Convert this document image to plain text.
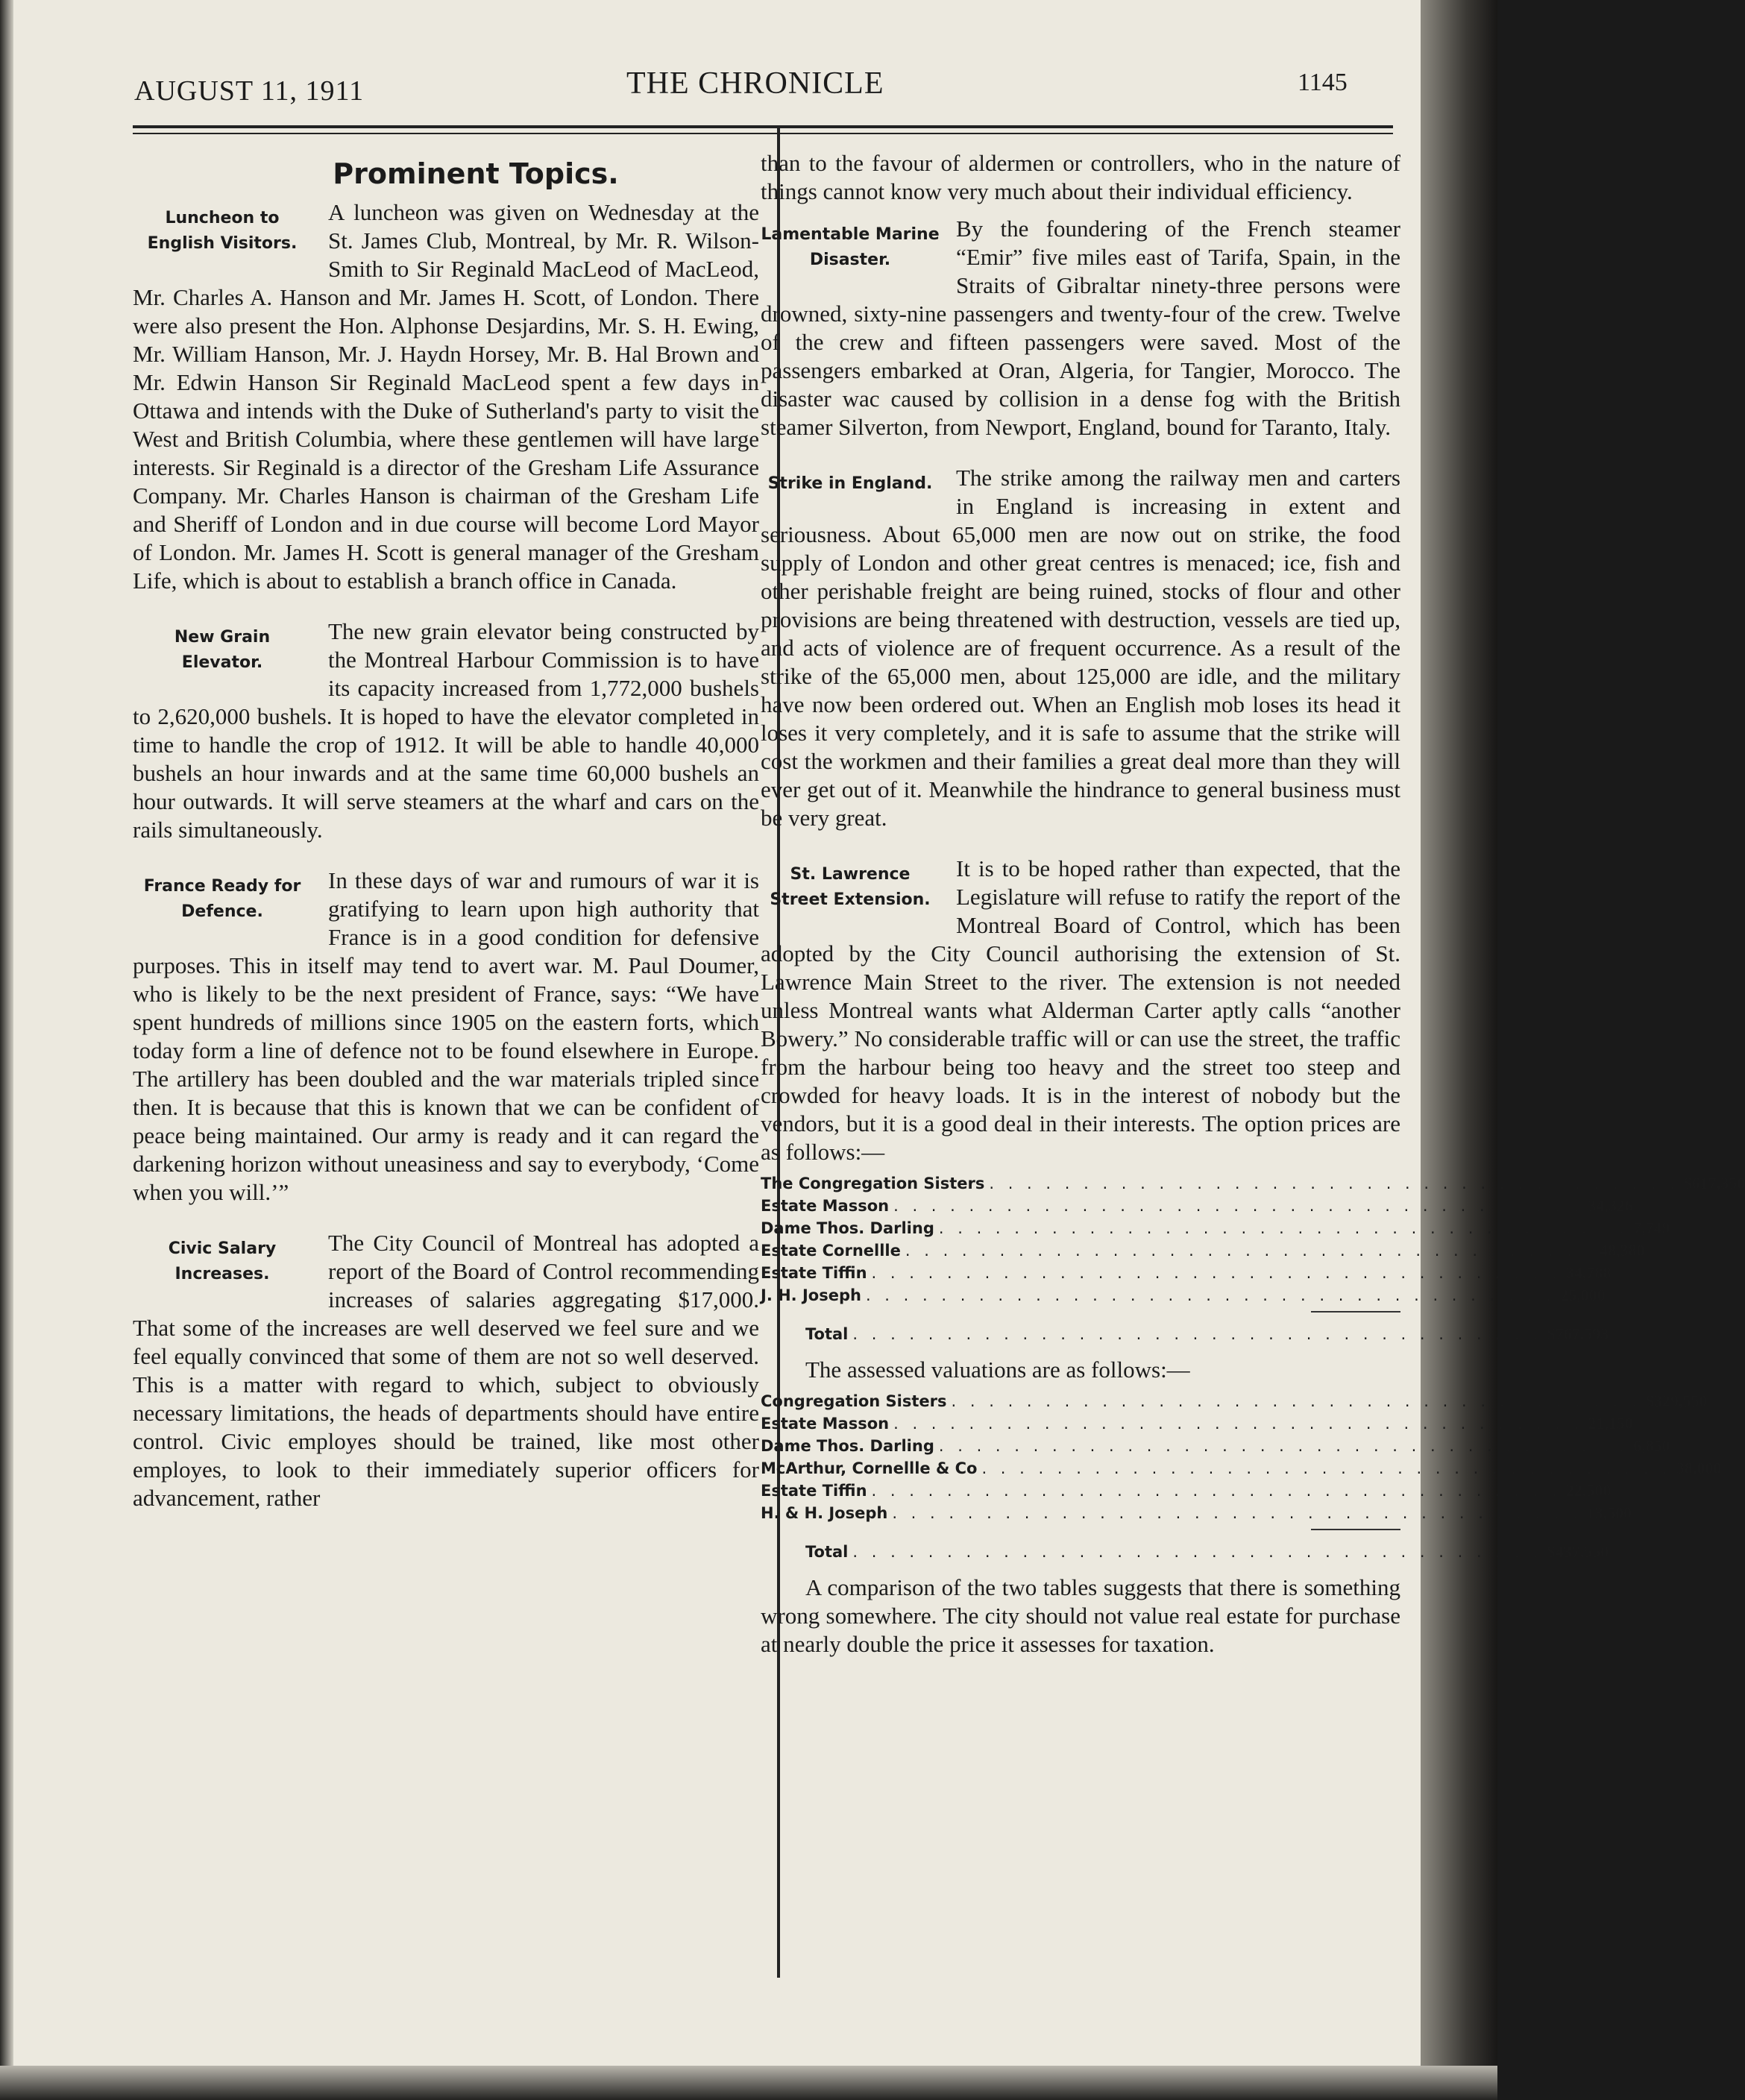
AUGUST 11, 1911	THE CHRONICLE	1145
Prominent Topics.
Luncheon to English Visitors.

A luncheon was given on Wednesday at the St. James Club, Montreal, by Mr. R. Wilson-Smith to Sir Reginald MacLeod of MacLeod, Mr. Charles A. Hanson and Mr. James H. Scott, of London. There were also present the Hon. Alphonse Desjardins, Mr. S. H. Ewing, Mr. William Hanson, Mr. J. Haydn Horsey, Mr. B. Hal Brown and Mr. Edwin Hanson Sir Reginald MacLeod spent a few days in Ottawa and intends with the Duke of Sutherland's party to visit the West and British Columbia, where these gentlemen will have large interests. Sir Reginald is a director of the Gresham Life Assurance Company. Mr. Charles Hanson is chairman of the Gresham Life and Sheriff of London and in due course will become Lord Mayor of London. Mr. James H. Scott is general manager of the Gresham Life, which is about to establish a branch office in Canada.

New Grain Elevator.

The new grain elevator being constructed by the Montreal Harbour Commission is to have its capacity increased from 1,772,000 bushels to 2,620,000 bushels. It is hoped to have the elevator completed in time to handle the crop of 1912. It will be able to handle 40,000 bushels an hour inwards and at the same time 60,000 bushels an hour outwards. It will serve steamers at the wharf and cars on the rails simultaneously.

France Ready for Defence.

In these days of war and rumours of war it is gratifying to learn upon high authority that France is in a good condition for defensive purposes. This in itself may tend to avert war. M. Paul Doumer, who is likely to be the next president of France, says: “We have spent hundreds of millions since 1905 on the eastern forts, which today form a line of defence not to be found elsewhere in Europe. The artillery has been doubled and the war materials tripled since then. It is because that this is known that we can be confident of peace being maintained. Our army is ready and it can regard the darkening horizon without uneasiness and say to everybody, ‘Come when you will.’”

Civic Salary Increases.

The City Council of Montreal has adopted a report of the Board of Control recommending increases of salaries aggregating $17,000. That some of the increases are well deserved we feel sure and we feel equally convinced that some of them are not so well deserved. This is a matter with regard to which, subject to obviously necessary limitations, the heads of departments should have entire control. Civic employes should be trained, like most other employes, to look to their immediately superior officers for advancement, rather

than to the favour of aldermen or controllers, who in the nature of things cannot know very much about their individual efficiency.

Lamentable Marine Disaster.

By the foundering of the French steamer “Emir” five miles east of Tarifa, Spain, in the Straits of Gibraltar ninety-three persons were drowned, sixty-nine passengers and twenty-four of the crew. Twelve of the crew and fifteen passengers were saved. Most of the passengers embarked at Oran, Algeria, for Tangier, Morocco. The disaster wac caused by collision in a dense fog with the British steamer Silverton, from Newport, England, bound for Taranto, Italy.

Strike in England.	The strike among the railway men and carters in England is increasing in extent and seriousness. About 65,000 men are now out on strike, the food supply of London and other great centres is menaced; ice, fish and other perishable freight are being ruined, stocks of flour and other provisions are being threatened with destruction, vessels are tied up, and acts of violence are of frequent occurrence. As a result of the strike of the 65,000 men, about 125,000 are idle, and the military have now been ordered out. When an English mob loses its head it loses it very completely, and it is safe to assume that the strike will cost the workmen and their families a great deal more than they will ever get out of it. Meanwhile the hindrance to general business must be very great.

St. Lawrence Street Extension.

It is to be hoped rather than expected, that the Legislature will refuse to ratify the report of the Montreal Board of Control, which has been adopted by the City Council authorising the extension of St. Lawrence Main Street to the river. The extension is not needed unless Montreal wants what Alderman Carter aptly calls “another Bowery.” No considerable traffic will or can use the street, the traffic from the harbour being too heavy and the street too steep and crowded for heavy loads. It is in the interest of nobody but the vendors, but it is a good deal in their interests. The option prices are as follows:—

The Congregation Sisters . . . . . . . . . . . . . . . . . . . . . . . . . . . . . . . . . . . . . $617,350
Estate Masson . . . . . . . . . . . . . . . . . . . . . . . . . . . . . . . . . . . . . 34,326
Dame Thos. Darling . . . . . . . . . . . . . . . . . . . . . . . . . . . . . . . . . . . . . 7,749
Estate Cornellle . . . . . . . . . . . . . . . . . . . . . . . . . . . . . . . . . . . . . 48,380
Estate Tiffin . . . . . . . . . . . . . . . . . . . . . . . . . . . . . . . . . . . . . 34,788
J. H. Joseph . . . . . . . . . . . . . . . . . . . . . . . . . . . . . . . . . . . . . 25,000
Total . . . . . . . . . . . . . . . . . . . . . . . . . . . . . . . . . . . . . $767,593

The assessed valuations are as follows:—

Congregation Sisters . . . . . . . . . . . . . . . . . . . . . . . . . . . . . . . . . . . . . $329,550
Estate Masson . . . . . . . . . . . . . . . . . . . . . . . . . . . . . . . . . . . . . 21,150
Dame Thos. Darling . . . . . . . . . . . . . . . . . . . . . . . . . . . . . . . . . . . . . 6,850
McArthur, Cornellle & Co . . . . . . . . . . . . . . . . . . . . . . . . . . . . . . . . . . . . . 38,000
Estate Tiffin . . . . . . . . . . . . . . . . . . . . . . . . . . . . . . . . . . . . . 22,500
H. & H. Joseph . . . . . . . . . . . . . . . . . . . . . . . . . . . . . . . . . . . . . 13,500
Total . . . . . . . . . . . . . . . . . . . . . . . . . . . . . . . . . . . . . $437,550

A comparison of the two tables suggests that there is something wrong somewhere. The city should not value real estate for purchase at nearly double the price it assesses for taxation.
